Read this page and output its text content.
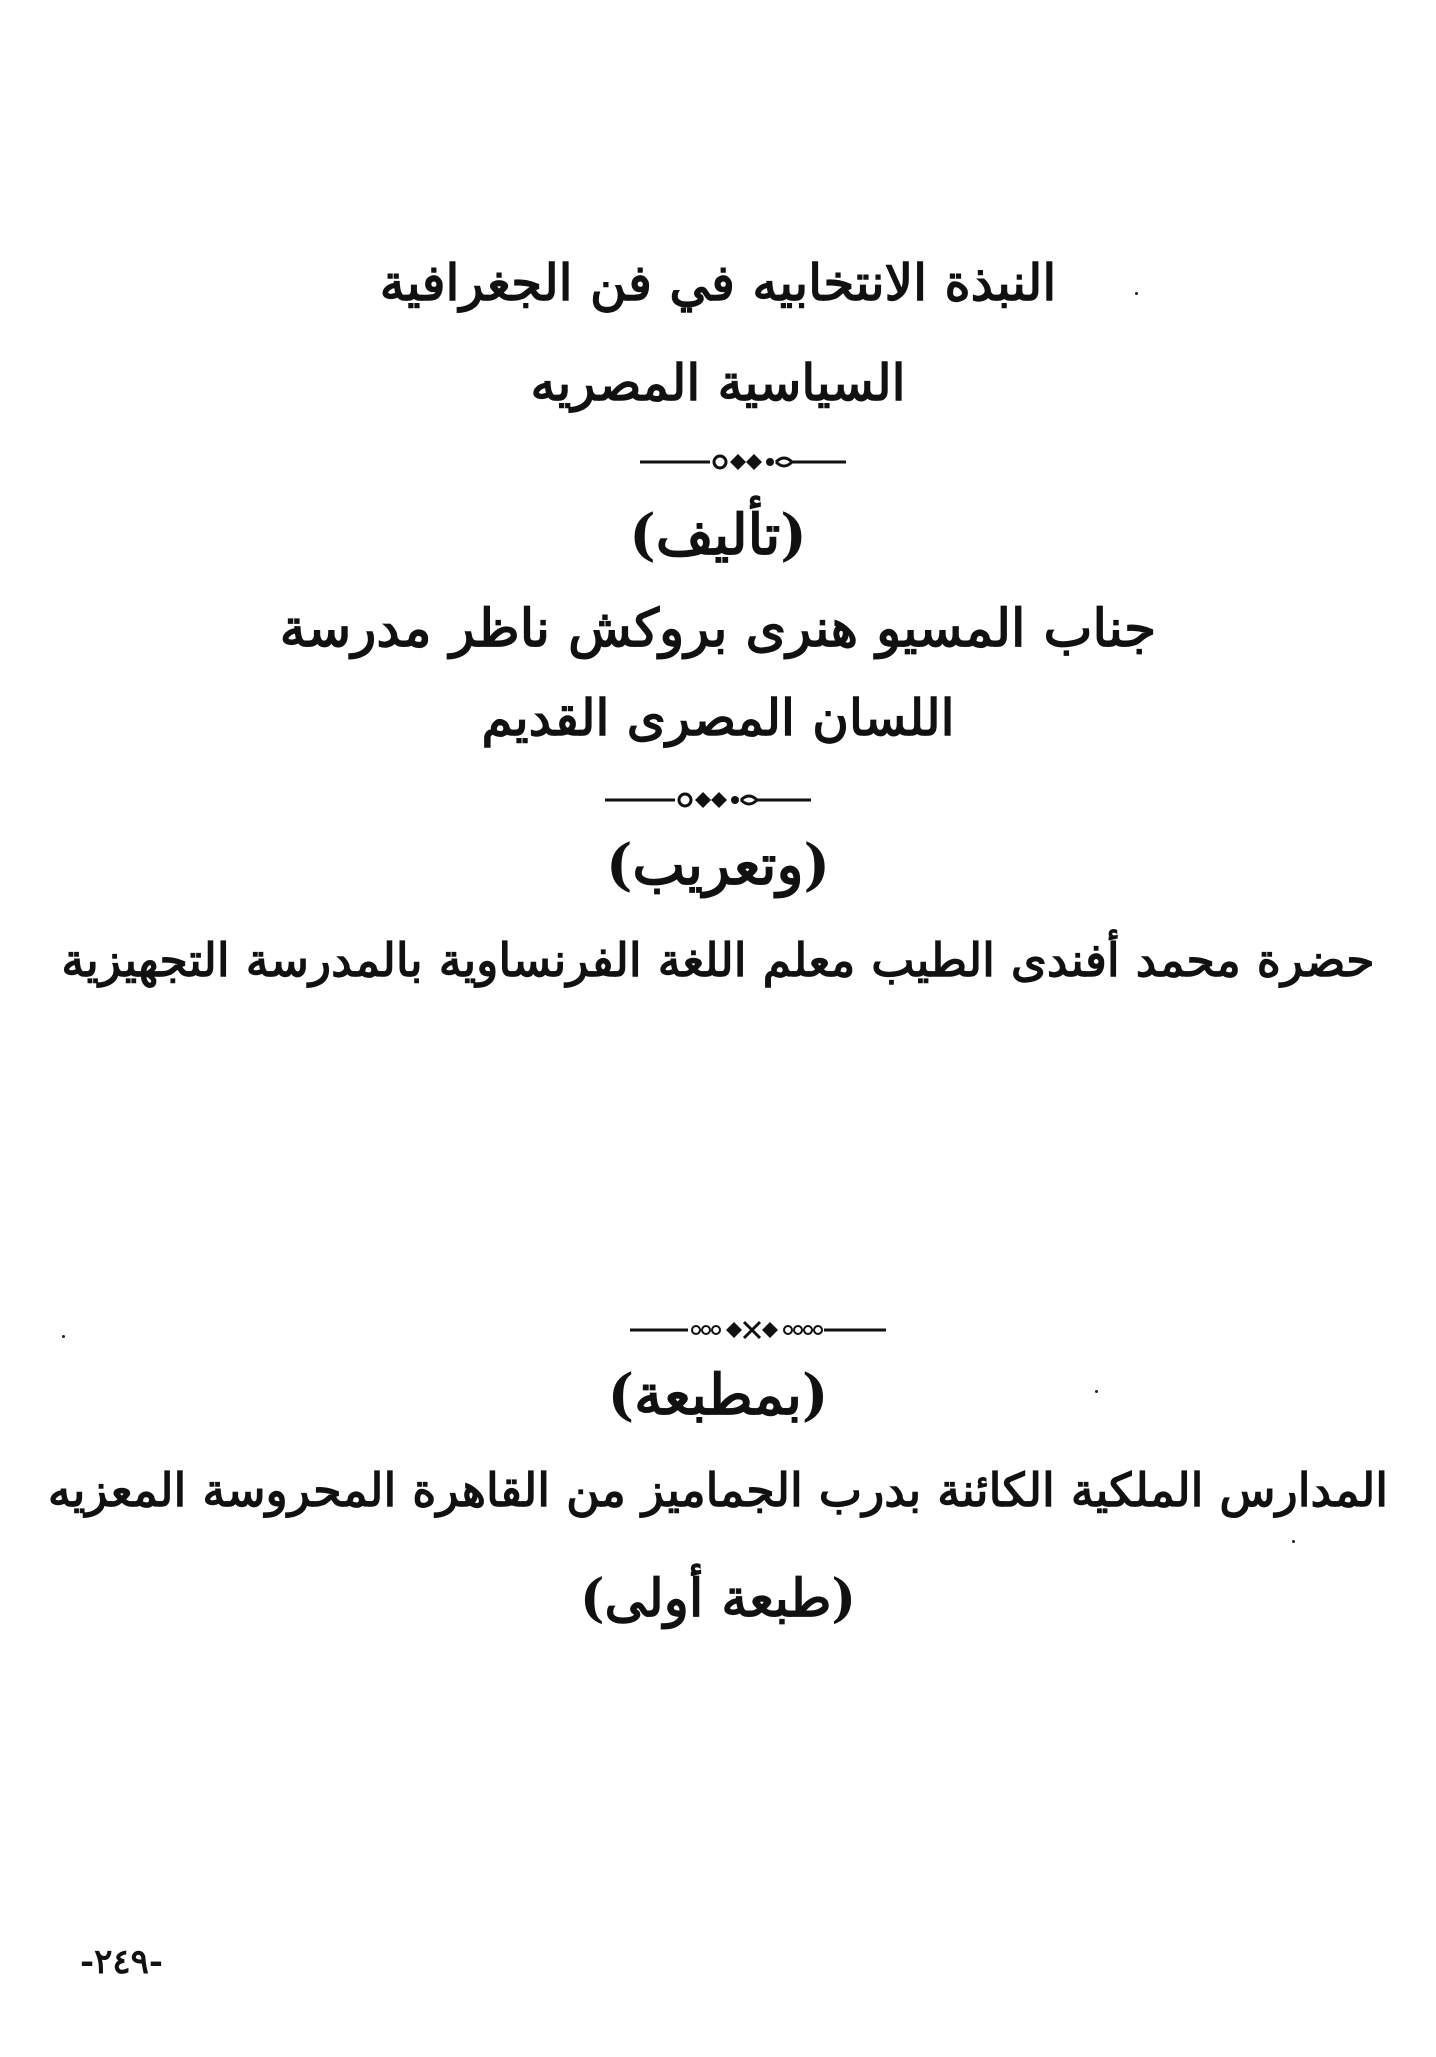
النبذة الانتخابيه في فن الجغرافية
السياسية المصريه
(تأليف)
جناب المسيو هنرى بروكش ناظر مدرسة
اللسان المصرى القديم
(وتعريب)
حضرة محمد أفندى الطيب معلم اللغة الفرنساوية بالمدرسة التجهيزية
(بمطبعة)
المدارس الملكية الكائنة بدرب الجماميز من القاهرة المحروسة المعزيه
(طبعة أولى)
-٢٤٩-
